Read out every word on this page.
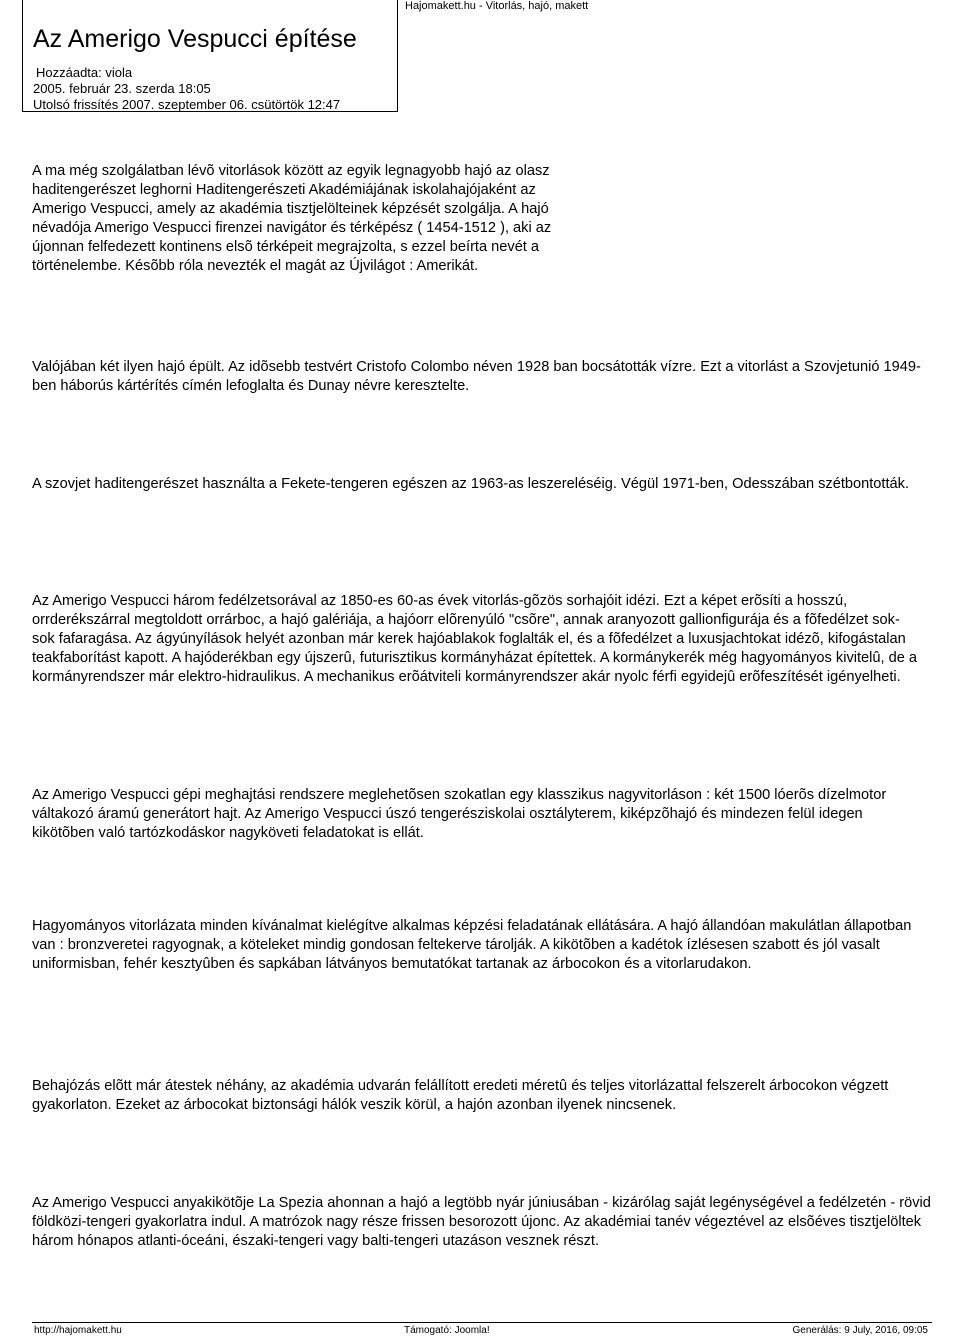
Hajomakett.hu - Vitorlás, hajó, makett
Az Amerigo Vespucci építése
Hozzáadta: viola
2005. február 23. szerda 18:05
Utolsó frissítés 2007. szeptember 06. csütörtök 12:47

A ma még szolgálatban lévõ vitorlások között az egyik legnagyobb hajó az olasz haditengerészet leghorni Haditengerészeti Akadémiájának iskolahajójaként az Amerigo Vespucci, amely az akadémia tisztjelölteinek képzését szolgálja. A hajó névadója Amerigo Vespucci firenzei navigátor és térképész ( 1454-1512 ), aki az újonnan felfedezett kontinens elsõ térképeit megrajzolta, s ezzel beírta nevét a történelembe. Késõbb róla nevezték el magát az Újvilágot : Amerikát.

Valójában két ilyen hajó épült. Az idõsebb testvért Cristofo Colombo néven 1928 ban bocsátották vízre. Ezt a vitorlást a Szovjetunió 1949-ben háborús kártérítés címén lefoglalta és Dunay névre keresztelte.

A szovjet haditengerészet használta a Fekete-tengeren egészen az 1963-as leszereléséig. Végül 1971-ben, Odesszában szétbontották.

Az Amerigo Vespucci három fedélzetsorával az 1850-es 60-as évek vitorlás-gõzös sorhajóit idézi. Ezt a képet erõsíti a hosszú, orrderékszárral megtoldott orrárboc, a hajó galériája, a hajóorr elõrenyúló "csõre", annak aranyozott gallionfigurája és a fõfedélzet sok-sok fafaragása. Az ágyúnyílások helyét azonban már kerek hajóablakok foglalták el, és a fõfedélzet a luxusjachtokat idézõ, kifogástalan teakfaborítást kapott. A hajóderékban egy újszerû, futurisztikus kormányházat építettek. A kormánykerék még hagyományos kivitelû, de a kormányrendszer már elektro-hidraulikus. A mechanikus erõátviteli kormányrendszer akár nyolc férfi egyidejû erõfeszítését igényelheti.

Az Amerigo Vespucci gépi meghajtási rendszere meglehetõsen szokatlan egy klasszikus nagyvitorláson : két 1500 lóerõs dízelmotor váltakozó áramú generátort hajt. Az Amerigo Vespucci úszó tengerésziskolai osztályterem, kiképzõhajó és mindezen felül idegen kikötõben való tartózkodáskor nagyköveti feladatokat is ellát.

Hagyományos vitorlázata minden kívánalmat kielégítve alkalmas képzési feladatának ellátására. A hajó állandóan makulátlan állapotban van : bronzveretei ragyognak, a köteleket mindig gondosan feltekerve tárolják. A kikötõben a kadétok ízlésesen szabott és jól vasalt uniformisban, fehér kesztyûben és sapkában látványos bemutatókat tartanak az árbocokon és a vitorlarudakon.

Behajózás elõtt már átestek néhány, az akadémia udvarán felállított eredeti méretû és teljes vitorlázattal felszerelt árbocokon végzett gyakorlaton. Ezeket az árbocokat biztonsági hálók veszik körül, a hajón azonban ilyenek nincsenek.

Az Amerigo Vespucci anyakikötõje La Spezia ahonnan a hajó a legtöbb nyár júniusában - kizárólag saját legénységével a fedélzetén - rövid földközi-tengeri gyakorlatra indul. A matrózok nagy része frissen besorozott újonc. Az akadémiai tanév végeztével az elsõéves tisztjelöltek három hónapos atlanti-óceáni, északi-tengeri vagy balti-tengeri utazáson vesznek részt.

http://hajomakett.hu	Támogató: Joomla!	Generálás: 9 July, 2016, 09:05
